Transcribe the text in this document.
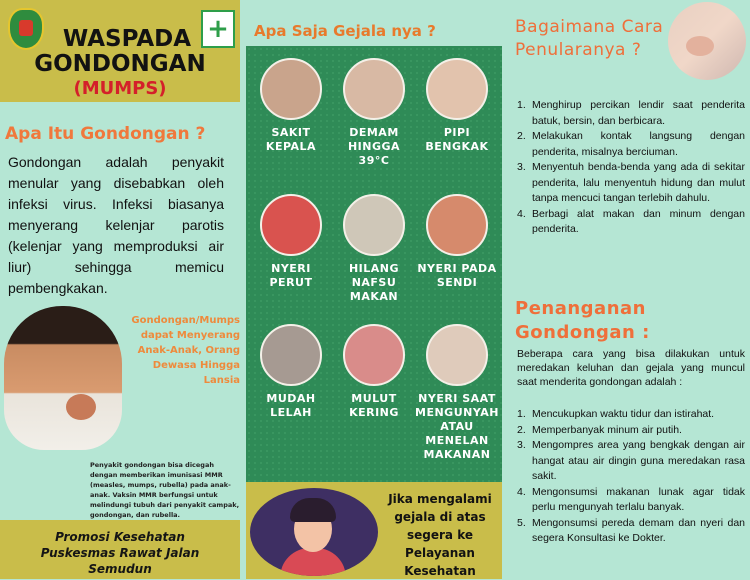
+
WASPADA
GONDONGAN
(MUMPS)
Apa Itu Gondongan ?
Gondongan adalah penyakit menular yang disebabkan oleh infeksi virus. Infeksi biasanya menyerang kelenjar parotis (kelenjar yang memproduksi air liur) sehingga memicu pembengkakan.
Gondongan/Mumps dapat Menyerang Anak-Anak, Orang Dewasa Hingga Lansia
Penyakit gondongan bisa dicegah dengan memberikan imunisasi MMR (measles, mumps, rubella) pada anak-anak. Vaksin MMR berfungsi untuk melindungi tubuh dari penyakit campak, gondongan, dan rubella.
Promosi Kesehatan
Puskesmas Rawat Jalan
Semudun
Apa Saja Gejala nya ?
SAKIT KEPALA
DEMAM HINGGA 39°C
PIPI BENGKAK
NYERI PERUT
HILANG NAFSU MAKAN
NYERI PADA SENDI
MUDAH LELAH
MULUT KERING
NYERI SAAT MENGUNYAH ATAU MENELAN MAKANAN
Jika mengalami gejala di atas segera ke Pelayanan Kesehatan
Bagaimana Cara Penularanya ?
1. Menghirup percikan lendir saat penderita batuk, bersin, dan berbicara.
2. Melakukan kontak langsung dengan penderita, misalnya berciuman.
3. Menyentuh benda-benda yang ada di sekitar penderita, lalu menyentuh hidung dan mulut tanpa mencuci tangan terlebih dahulu.
4. Berbagi alat makan dan minum dengan penderita.
Penanganan Gondongan :
Beberapa cara yang bisa dilakukan untuk meredakan keluhan dan gejala yang muncul saat menderita gondongan adalah :
1. Mencukupkan waktu tidur dan istirahat.
2. Memperbanyak minum air putih.
3. Mengompres area yang bengkak dengan air hangat atau air dingin guna meredakan rasa sakit.
4. Mengonsumsi makanan lunak agar tidak perlu mengunyah terlalu banyak.
5. Mengonsumsi pereda demam dan nyeri dan segera Konsultasi ke Dokter.
